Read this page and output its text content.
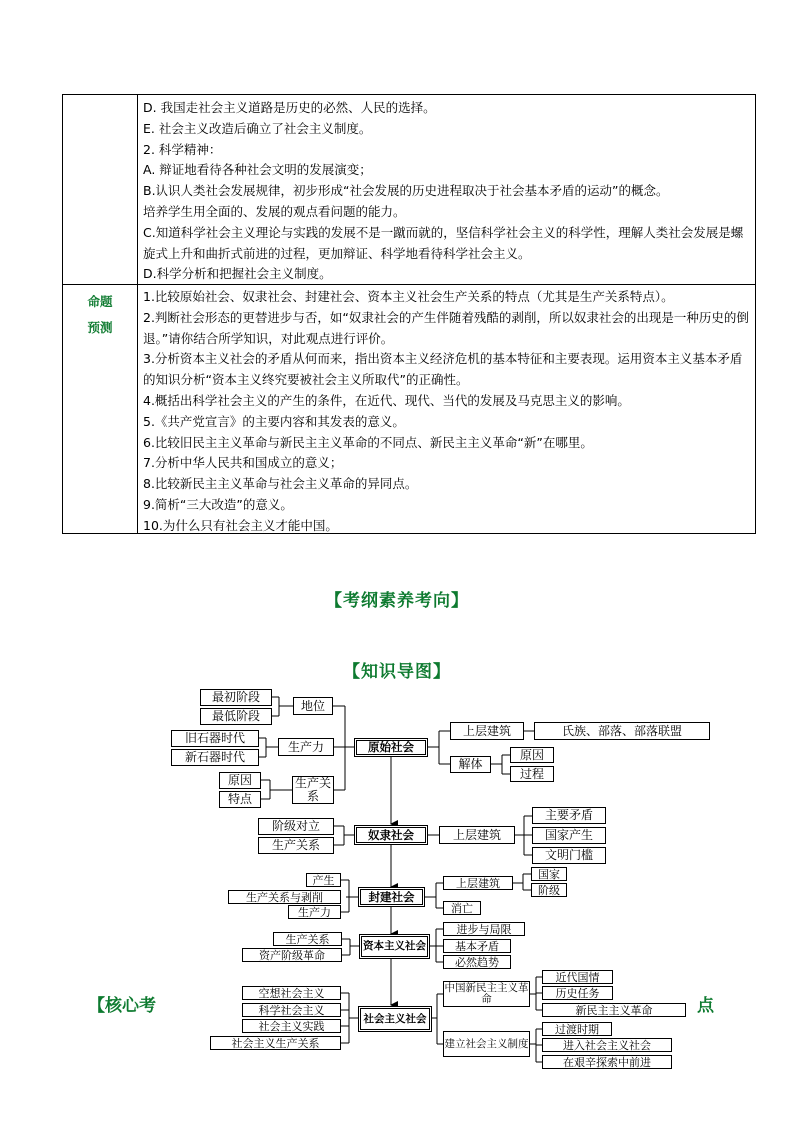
D. 我国走社会主义道路是历史的必然、人民的选择。
E. 社会主义改造后确立了社会主义制度。
2. 科学精神：
A. 辩证地看待各种社会文明的发展演变；
B.认识人类社会发展规律，初步形成“社会发展的历史进程取决于社会基本矛盾的运动”的概念。
培养学生用全面的、发展的观点看问题的能力。
C.知道科学社会主义理论与实践的发展不是一蹴而就的，坚信科学社会主义的科学性，理解人类社会发展是螺旋式上升和曲折式前进的过程，更加辩证、科学地看待科学社会主义。
D.科学分析和把握社会主义制度。
命题
预测
1.比较原始社会、奴隶社会、封建社会、资本主义社会生产关系的特点（尤其是生产关系特点）。
2.判断社会形态的更替进步与否，如“奴隶社会的产生伴随着残酷的剥削，所以奴隶社会的出现是一种历史的倒退。”请你结合所学知识，对此观点进行评价。
3.分析资本主义社会的矛盾从何而来，指出资本主义经济危机的基本特征和主要表现。运用资本主义基本矛盾的知识分析“资本主义终究要被社会主义所取代”的正确性。
4.概括出科学社会主义的产生的条件，在近代、现代、当代的发展及马克思主义的影响。
5.《共产党宣言》的主要内容和其发表的意义。
6.比较旧民主主义革命与新民主主义革命的不同点、新民主主义革命“新”在哪里。
7.分析中华人民共和国成立的意义；
8.比较新民主主义革命与社会主义革命的异同点。
9.简析“三大改造”的意义。
10.为什么只有社会主义才能中国。
【考纲素养考向】
【知识导图】
【核心考	点
最初阶段
最低阶段
地位
旧石器时代
新石器时代
生产力
原因
特点
生产关系
原始社会
上层建筑	氏族、部落、部落联盟
解体
原因
过程
阶级对立
生产关系
奴隶社会	上层建筑
主要矛盾
国家产生
文明门槛
产生
生产关系与剥削
生产力
封建社会
上层建筑
国家
阶级
消亡
生产关系
资产阶级革命
资本主义社会
进步与局限
基本矛盾
必然趋势
空想社会主义
科学社会主义
社会主义实践
社会主义生产关系
社会主义社会
中国新民主主义革命
近代国情
历史任务
新民主主义革命
建立社会主义制度
过渡时期
进入社会主义社会
在艰辛探索中前进
